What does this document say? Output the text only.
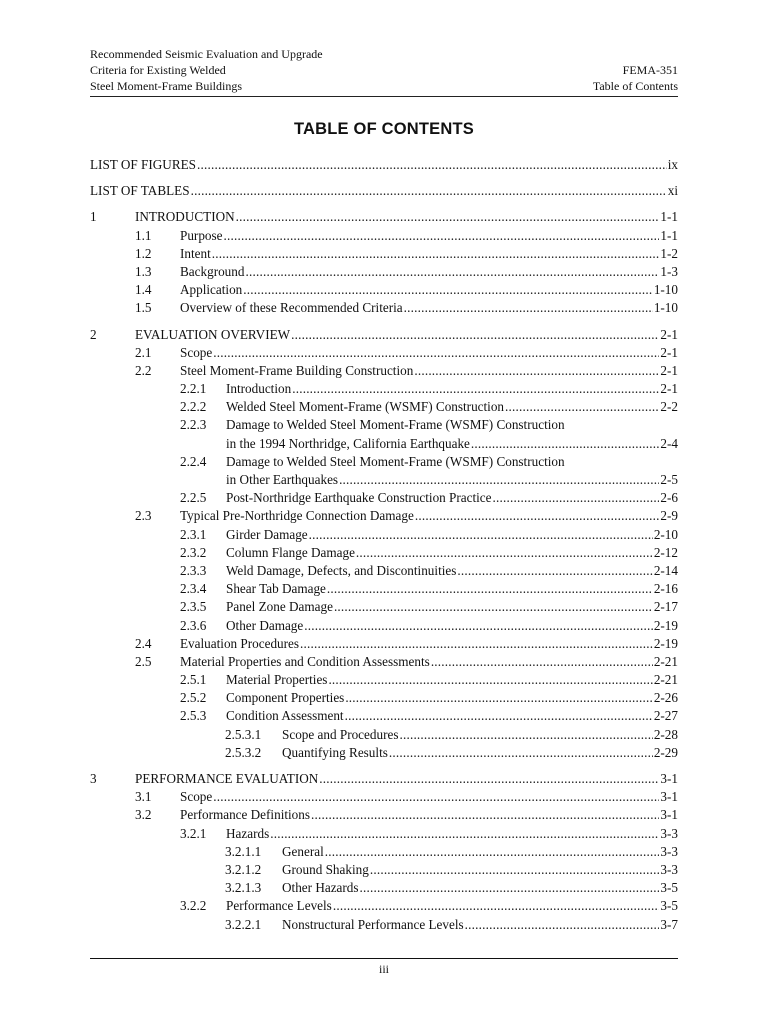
Recommended Seismic Evaluation and Upgrade
Criteria for Existing Welded
Steel Moment-Frame Buildings
FEMA-351
Table of Contents
TABLE OF CONTENTS
LIST OF FIGURES .....	ix
LIST OF TABLES .....	xi
1	INTRODUCTION .....	1-1
1.1 Purpose .....	1-1
1.2 Intent .....	1-2
1.3 Background .....	1-3
1.4 Application .....	1-10
1.5 Overview of these Recommended Criteria .....	1-10
2	EVALUATION OVERVIEW .....	2-1
2.1 Scope .....	2-1
2.2 Steel Moment-Frame Building Construction .....	2-1
2.2.1 Introduction .....	2-1
2.2.2 Welded Steel Moment-Frame (WSMF) Construction .....	2-2
2.2.3 Damage to Welded Steel Moment-Frame (WSMF) Construction
in the 1994 Northridge, California Earthquake .....	2-4
2.2.4 Damage to Welded Steel Moment-Frame (WSMF) Construction
in Other Earthquakes .....	2-5
2.2.5 Post-Northridge Earthquake Construction Practice .....	2-6
2.3 Typical Pre-Northridge Connection Damage .....	2-9
2.3.1 Girder Damage .....	2-10
2.3.2 Column Flange Damage .....	2-12
2.3.3 Weld Damage, Defects, and Discontinuities .....	2-14
2.3.4 Shear Tab Damage .....	2-16
2.3.5 Panel Zone Damage .....	2-17
2.3.6 Other Damage .....	2-19
2.4 Evaluation Procedures .....	2-19
2.5 Material Properties and Condition Assessments .....	2-21
2.5.1 Material Properties .....	2-21
2.5.2 Component Properties .....	2-26
2.5.3 Condition Assessment .....	2-27
2.5.3.1 Scope and Procedures .....	2-28
2.5.3.2 Quantifying Results .....	2-29
3	PERFORMANCE EVALUATION .....	3-1
3.1 Scope .....	3-1
3.2 Performance Definitions .....	3-1
3.2.1 Hazards .....	3-3
3.2.1.1 General .....	3-3
3.2.1.2 Ground Shaking .....	3-3
3.2.1.3 Other Hazards .....	3-5
3.2.2 Performance Levels .....	3-5
3.2.2.1 Nonstructural Performance Levels .....	3-7
iii
